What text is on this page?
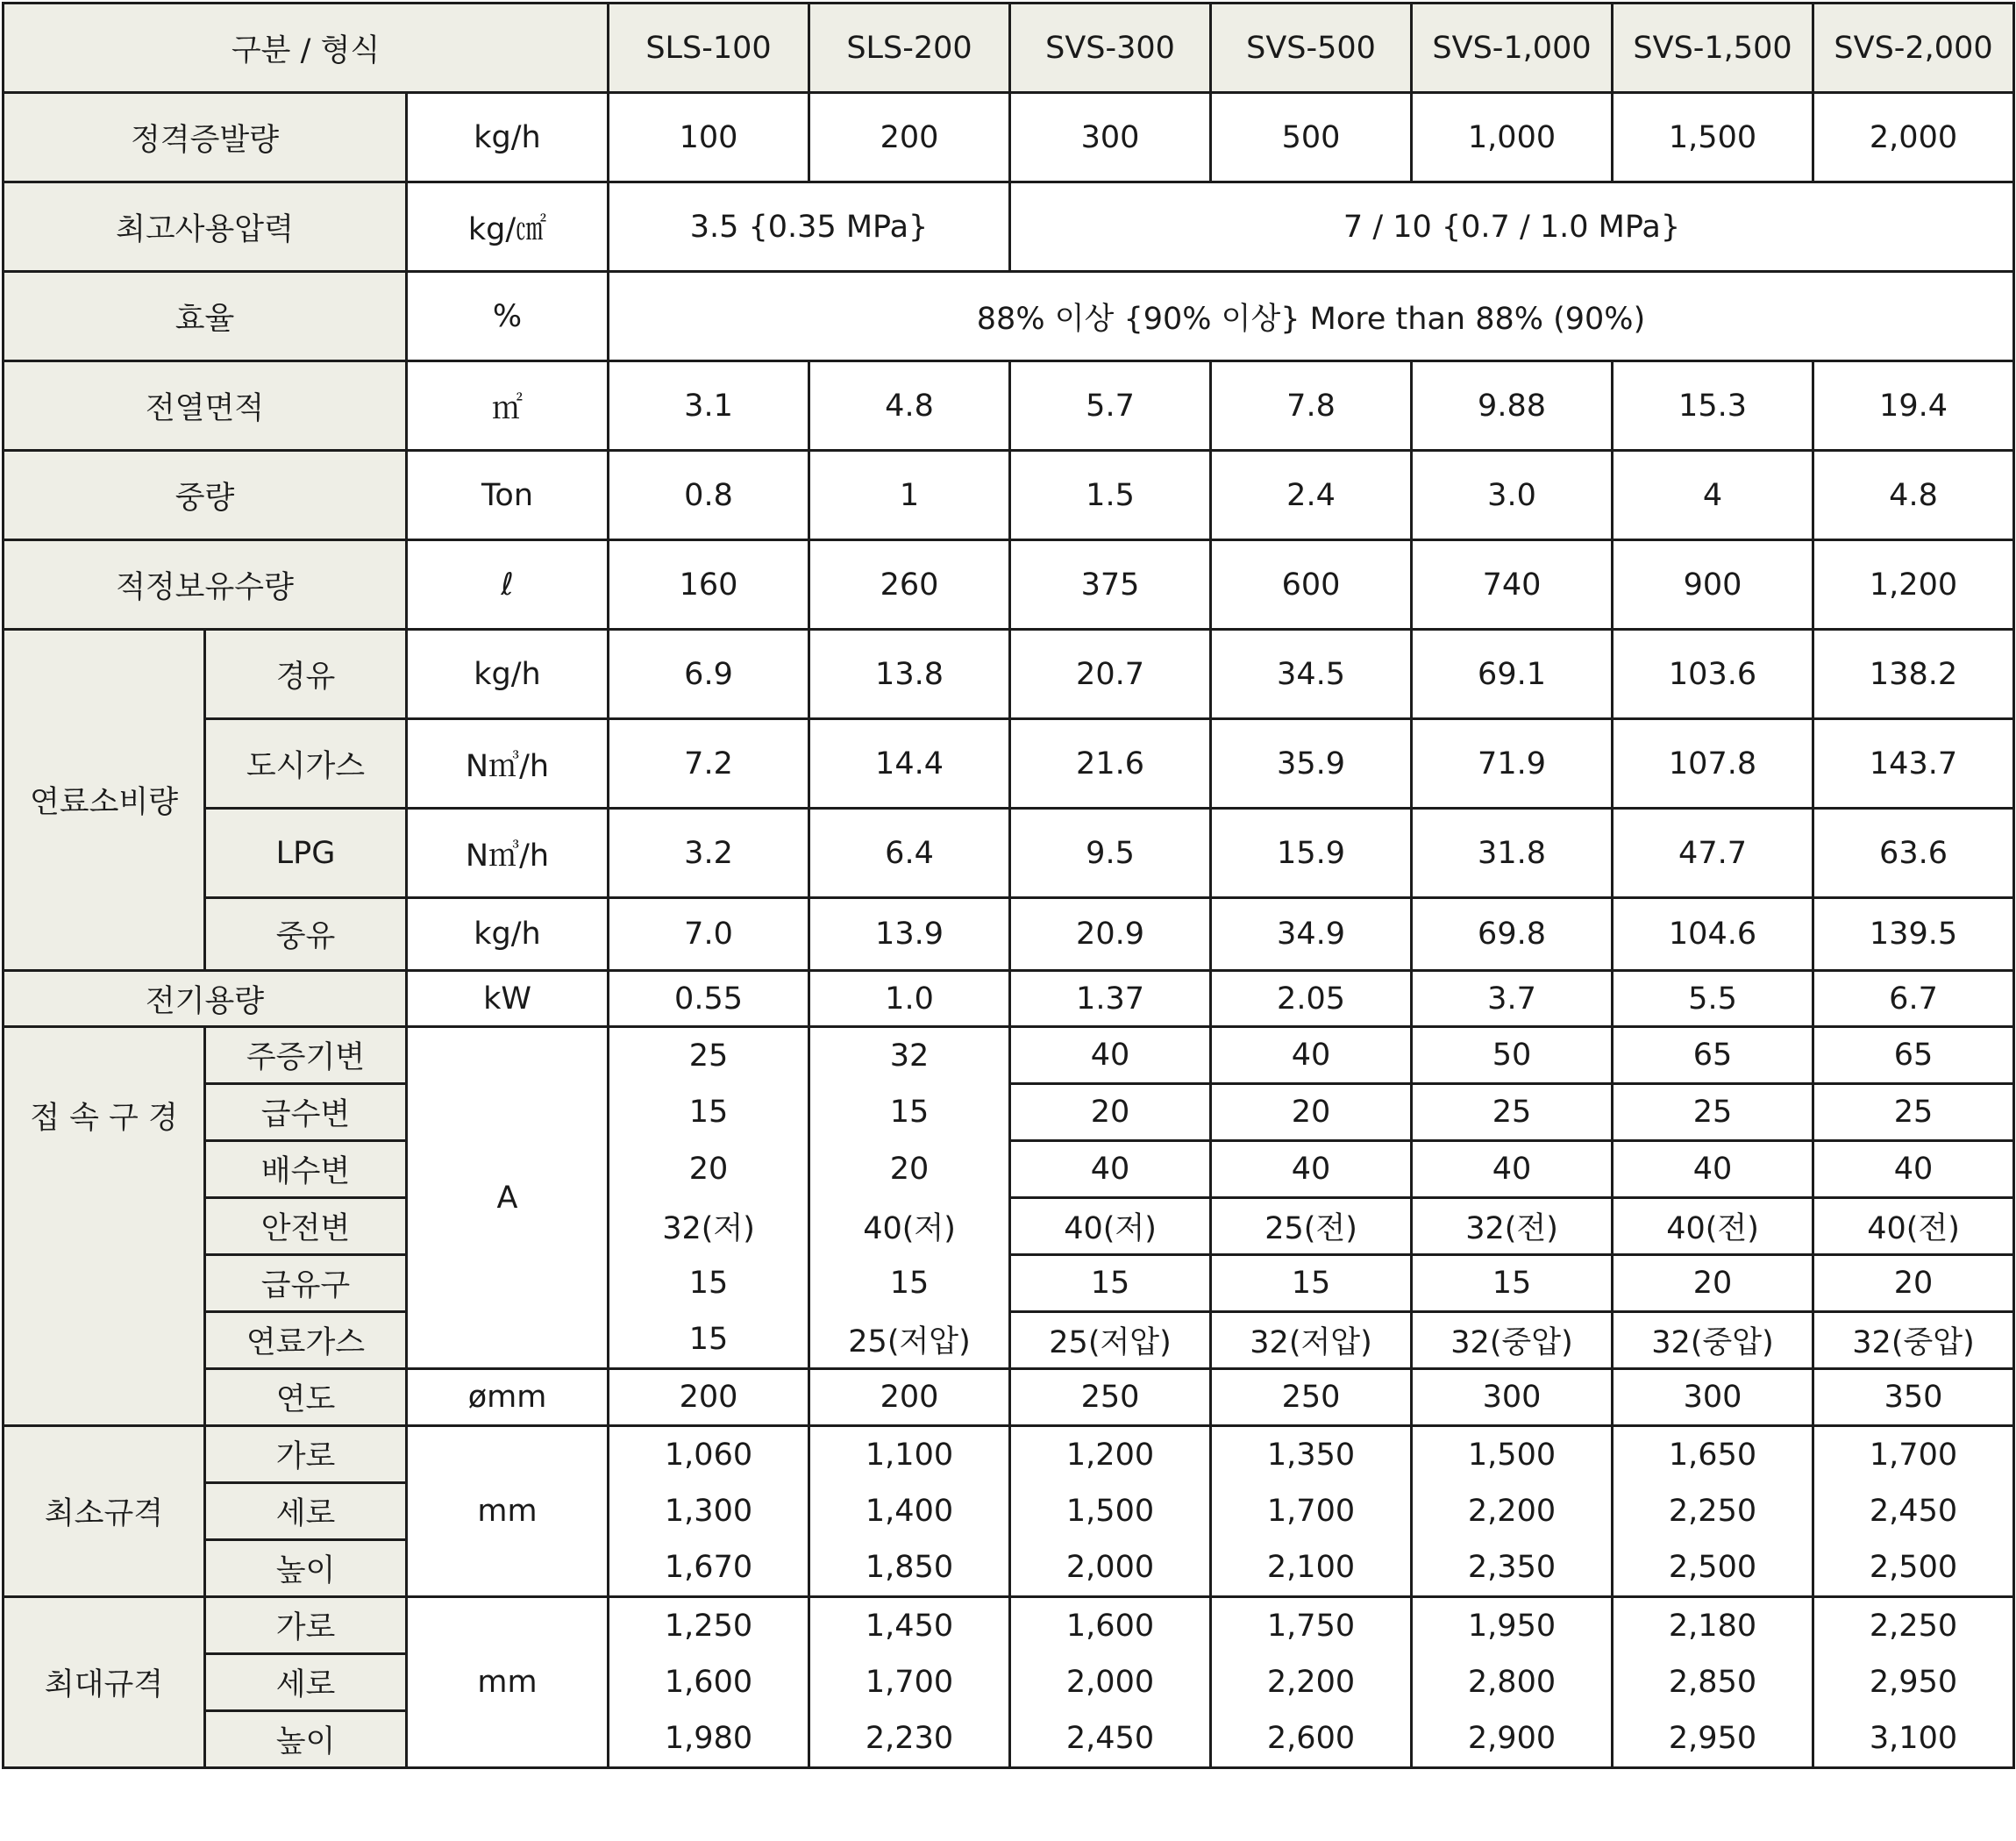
구분 / 형식			SLS-100	SLS-200	SVS-300	SVS-500	SVS-1,000	SVS-1,500	SVS-2,000
정격증발량		kg/h	100	200	300	500	1,000	1,500	2,000
최고사용압력		kg/㎠	3.5 {0.35 MPa}		7 / 10 {0.7 / 1.0 MPa}				
효율		%	88% 이상 {90% 이상} More than 88% (90%)						
전열면적		㎡	3.1	4.8	5.7	7.8	9.88	15.3	19.4
중량		Ton	0.8	1	1.5	2.4	3.0	4	4.8
적정보유수량		ℓ	160	260	375	600	740	900	1,200
연료소비량	경유	kg/h	6.9	13.8	20.7	34.5	69.1	103.6	138.2
	도시가스	N㎥/h	7.2	14.4	21.6	35.9	71.9	107.8	143.7
	LPG	N㎥/h	3.2	6.4	9.5	15.9	31.8	47.7	63.6
	중유	kg/h	7.0	13.9	20.9	34.9	69.8	104.6	139.5
전기용량		kW	0.55	1.0	1.37	2.05	3.7	5.5	6.7
접 속 구 경	주증기변	A	25	32	40	40	50	65	65
	급수변		15	15	20	20	25	25	25
	배수변		20	20	40	40	40	40	40
	안전변		32(저)	40(저)	40(저)	25(전)	32(전)	40(전)	40(전)
	급유구		15	15	15	15	15	20	20
	연료가스		15	25(저압)	25(저압)	32(저압)	32(중압)	32(중압)	32(중압)
	연도	ømm	200	200	250	250	300	300	350
최소규격	가로	mm	1,060	1,100	1,200	1,350	1,500	1,650	1,700
	세로		1,300	1,400	1,500	1,700	2,200	2,250	2,450
	높이		1,670	1,850	2,000	2,100	2,350	2,500	2,500
최대규격	가로	mm	1,250	1,450	1,600	1,750	1,950	2,180	2,250
	세로		1,600	1,700	2,000	2,200	2,800	2,850	2,950
	높이		1,980	2,230	2,450	2,600	2,900	2,950	3,100
